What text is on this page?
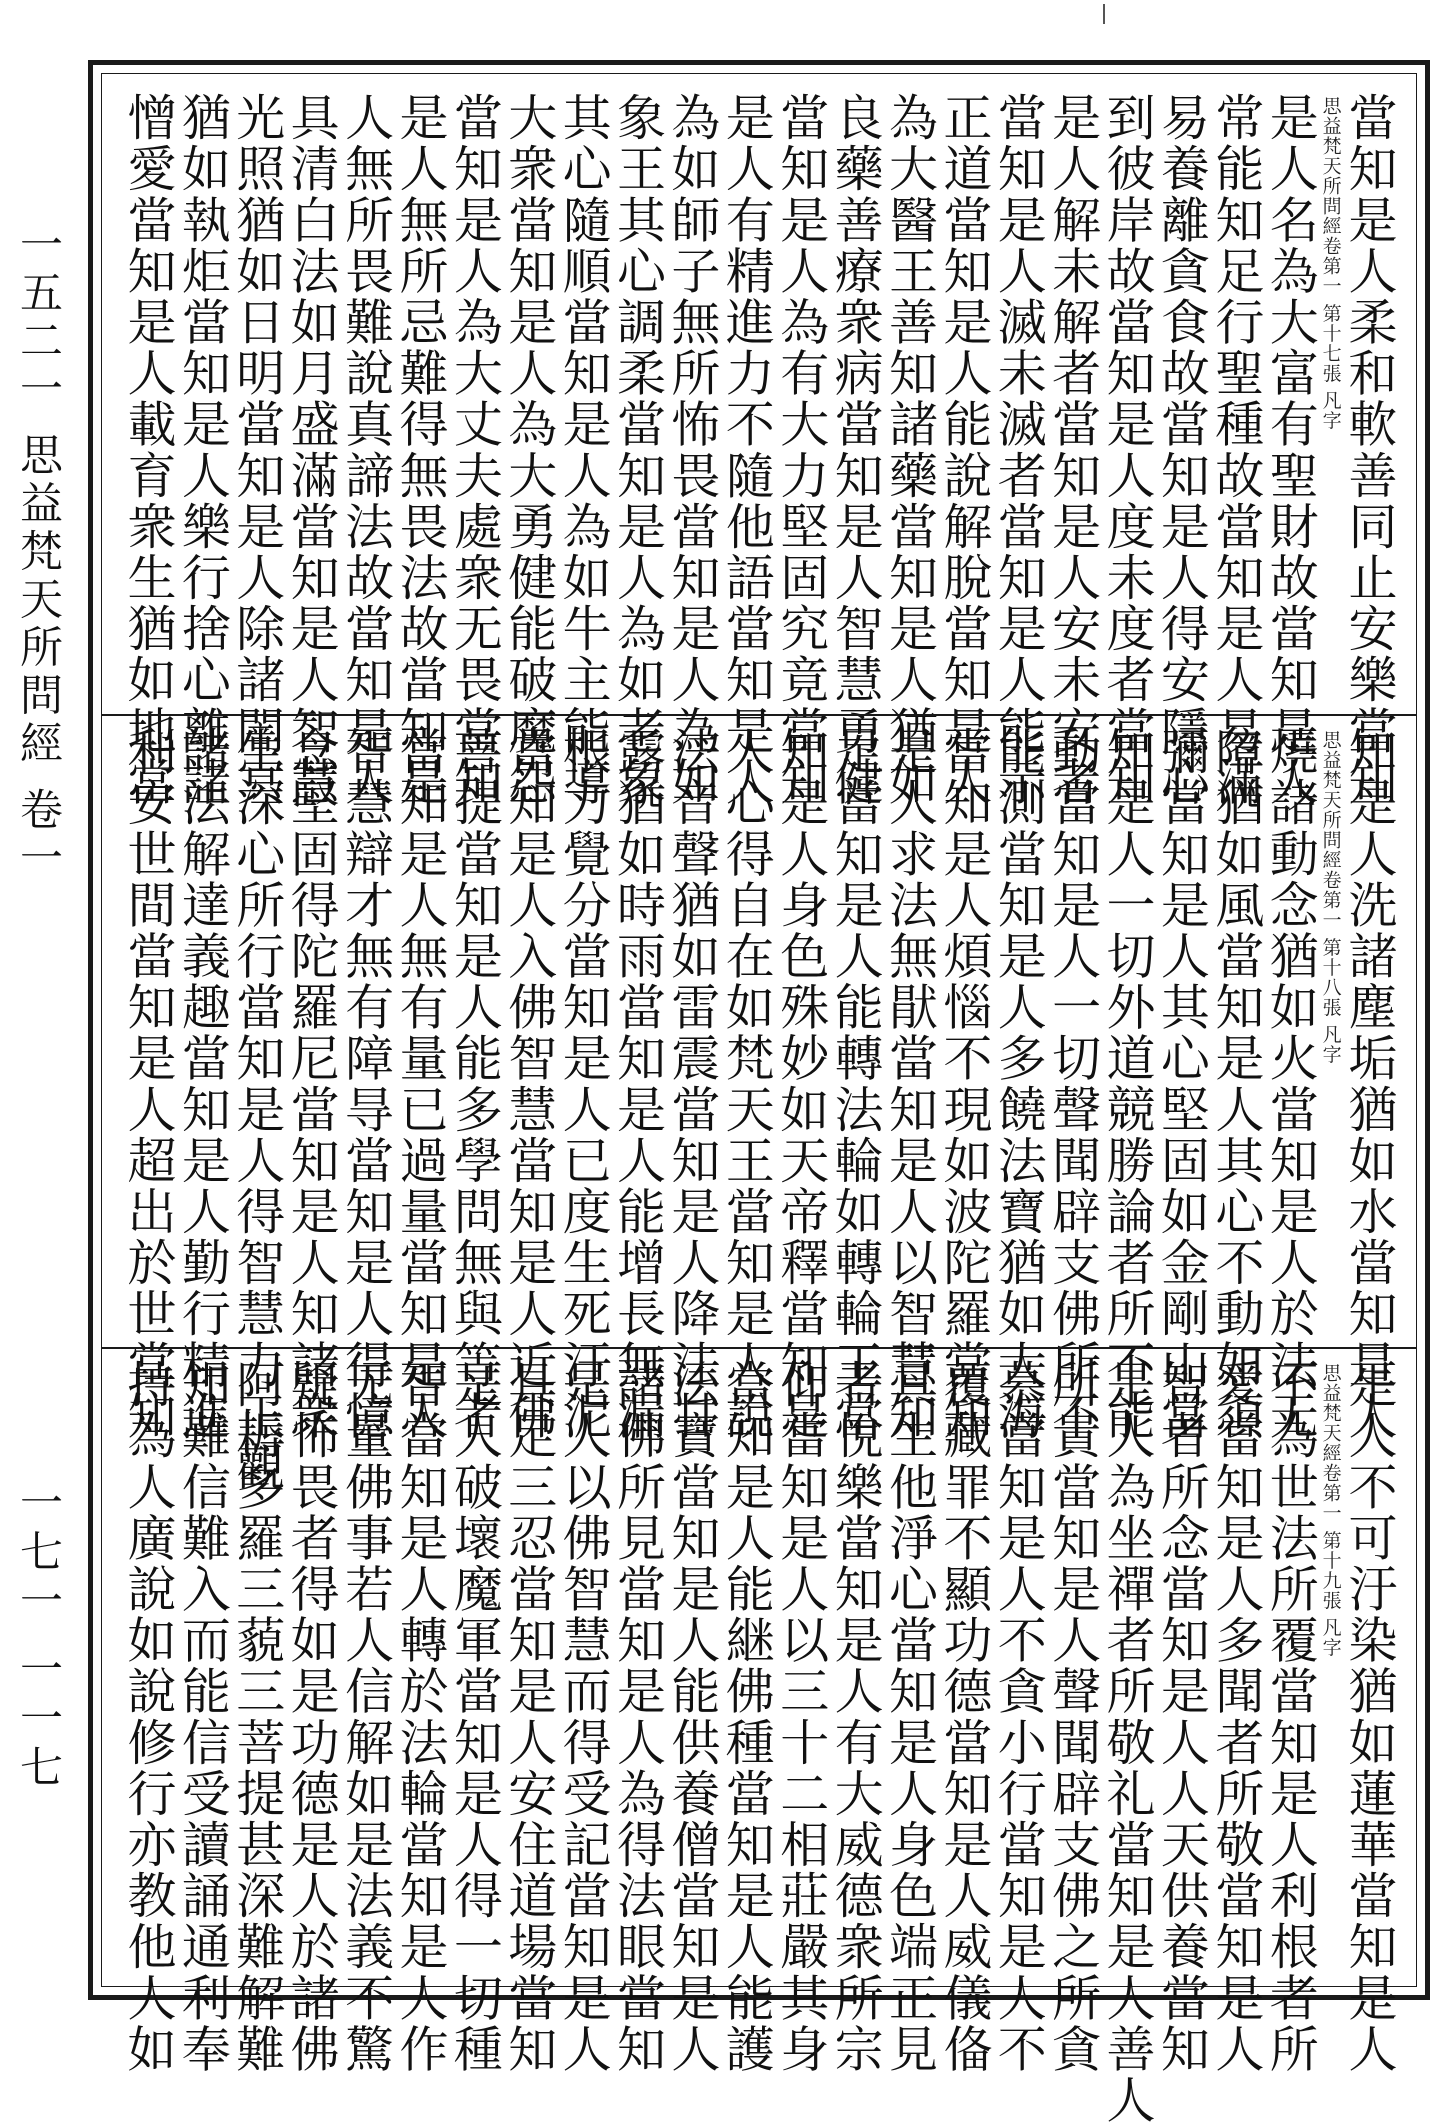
一五二一 思益梵天所問經 卷一
一七一 一一七
當知是人柔和軟善同止安樂當知
思益梵天所問經卷第一 第十七張 凡字
是人名為大富有聖財故當知是人
常能知足行聖種故當知是人易滿
易養離貪食故當知是人得安隱心
到彼岸故當知是人度未度者當知
是人解未解者當知是人安未安者
當知是人滅未滅者當知是人能示
正道當知是人能說解脫當知是人
為大醫王善知諸藥當知是人猶如
良藥善療衆病當知是人智慧勇健
當知是人為有大力堅固究竟當知
是人有精進力不隨他語當知是人
為如師子無所怖畏當知是人為如
象王其心調柔當知是人為如老象
其心隨順當知是人為如牛主能導
大衆當知是人為大勇健能破魔怨
當知是人為大丈夫處衆无畏當知
是人無所忌難得無畏法故當知是
人無所畏難說真諦法故當知是人
具清白法如月盛滿當知是人智慧
光照猶如日明當知是人除諸闇冥
猶如執炬當知是人樂行捨心離諸
憎愛當知是人載育衆生猶如地當
知是人洗諸塵垢猶如水當知是人
思益梵天所問經卷第一 第十八張 凡字
燒諸動念猶如火當知是人於法无
障猶如風當知是人其心不動如須
彌當知是人其心堅固如金剛山當
知是人一切外道競勝論者所不能
動當知是人一切聲聞辟支佛所不
能測當知是人多饒法寶猶如大海
當知是人煩惱不現如波陀羅當知
是人求法無猒當知是人以智慧知
足當知是人能轉法輪如轉輪王當
知是人身色殊妙如天帝釋當知是
人心得自在如梵天王當知是人說
法音聲猶如雷震當知是人降法甘
露猶如時雨當知是人能增長無漏
根力覺分當知是人已度生死汙泥
當知是人入佛智慧當知是人近佛
菩提當知是人能多學問無與等者
當知是人無有量已過量當知是人
智慧辯才無有障㝵當知是人得憶
念堅固得陀羅尼當知是人知諸衆
生深心所行當知是人得智慧力正觀
諸法解達義趣當知是人勤行精進
利安世間當知是人超出於世當知
是人不可汙染猶如蓮華當知是人
思益梵天經卷第一 第十九張 凡字
不為世法所覆當知是人利根者所
愛當知是人多聞者所敬當知是人
智者所念當知是人人天供養當知
是人為坐禪者所敬礼當知是人善人
所貴當知是人聲聞辟支佛之所貪
慕當知是人不貪小行當知是人不
覆藏罪不顯功德當知是人威儀俻
具生他淨心當知是人身色端正見
者悅樂當知是人有大威德衆所宗
仰當知是人以三十二相莊嚴其身
當知是人能継佛種當知是人能護
法寶當知是人能供養僧當知是人
諸佛所見當知是人為得法眼當知
是人以佛智慧而得受記當知是人
具足三忍當知是人安住道場當知
是人破壞魔軍當知是人得一切種
智當知是人轉於法輪當知是人作
无量佛事若人信解如是法義不驚
疑怖畏者得如是功德是人於諸佛
阿耨多羅三藐三菩提甚深難解難
知難信難入而能信受讀誦通利奉
持為人廣說如說修行亦教他人如
